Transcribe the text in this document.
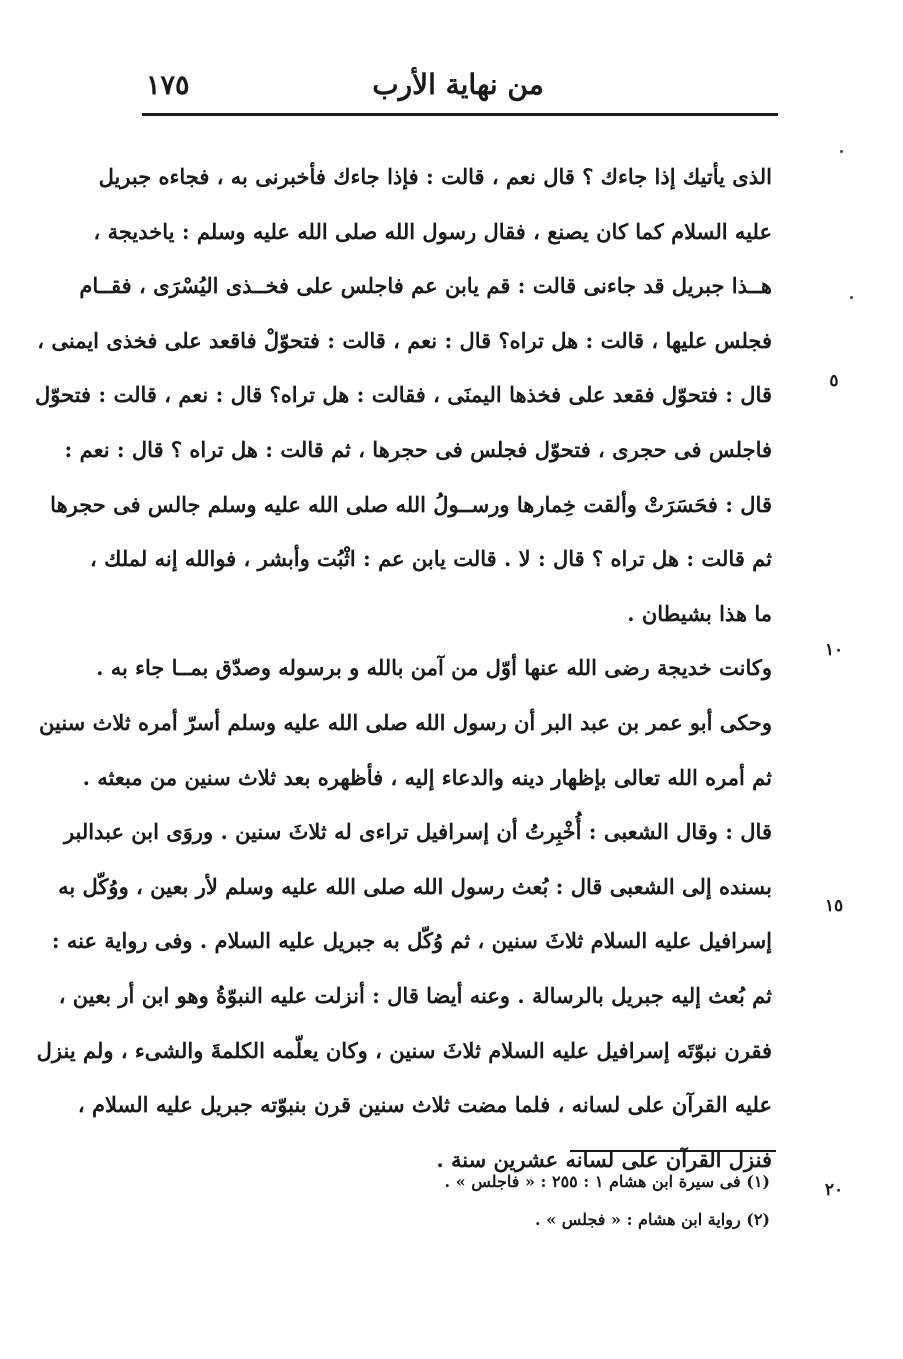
١٧٥	من نهاية الأرب
الذى يأتيك إذا جاءك ؟ قال نعم ، قالت : فإذا جاءك فأخبرنى به ، فجاءه جبريل
عليه السلام كما كان يصنع ، فقال رسول الله صلى الله عليه وسلم : ياخديجة ،
هــذا جبريل قد جاءنى قالت : قم يابن عم فاجلس على فخــذى اليُسْرَى ، فقــام
فجلس عليها ، قالت : هل تراه؟ قال : نعم ، قالت : فتحوّلْ فاقعد على فخذى ايمنى ،
قال : فتحوّل فقعد على فخذها اليمنَى ، فقالت : هل تراه؟ قال : نعم ، قالت : فتحوّل
فاجلس فى حجرى ، فتحوّل فجلس فى حجرها ، ثم قالت : هل تراه ؟ قال : نعم :
قال : فحَسَرَتْ وألقت خِمارها ورســولُ الله صلى الله عليه وسلم جالس فى حجرها
ثم قالت : هل تراه ؟ قال : لا . قالت يابن عم : اثْبُت وأبشر ، فوالله إنه لملك ،
ما هذا بشيطان .
وكانت خديجة رضى الله عنها أوّل من آمن بالله و برسوله وصدّق بمــا جاء به .
وحكى أبو عمر بن عبد البر أن رسول الله صلى الله عليه وسلم أسرّ أمره ثلاث سنين
ثم أمره الله تعالى بإظهار دينه والدعاء إليه ، فأظهره بعد ثلاث سنين من مبعثه .
قال : وقال الشعبى : أُخْبِرتُ أن إسرافيل تراءى له ثلاثَ سنين . وروَى ابن عبدالبر
بسنده إلى الشعبى قال : بُعث رسول الله صلى الله عليه وسلم لأر بعين ، ووُكّل به
إسرافيل عليه السلام ثلاثَ سنين ، ثم وُكّل به جبريل عليه السلام . وفى رواية عنه :
ثم بُعث إليه جبريل بالرسالة . وعنه أيضا قال : أنزلت عليه النبوّةُ وهو ابن أر بعين ،
فقرن نبوّتَه إسرافيل عليه السلام ثلاثَ سنين ، وكان يعلّمه الكلمةَ والشىء ، ولم ينزل
عليه القرآن على لسانه ، فلما مضت ثلاث سنين قرن بنبوّته جبريل عليه السلام ،
فنزل القرآن على لسانه عشرين سنة .
٥
١٠
١٥
٢٠
(١) فى سيرة ابن هشام ١ : ٢٥٥ : « فاجلس » .
(٢) رواية ابن هشام : « فجلس » .
